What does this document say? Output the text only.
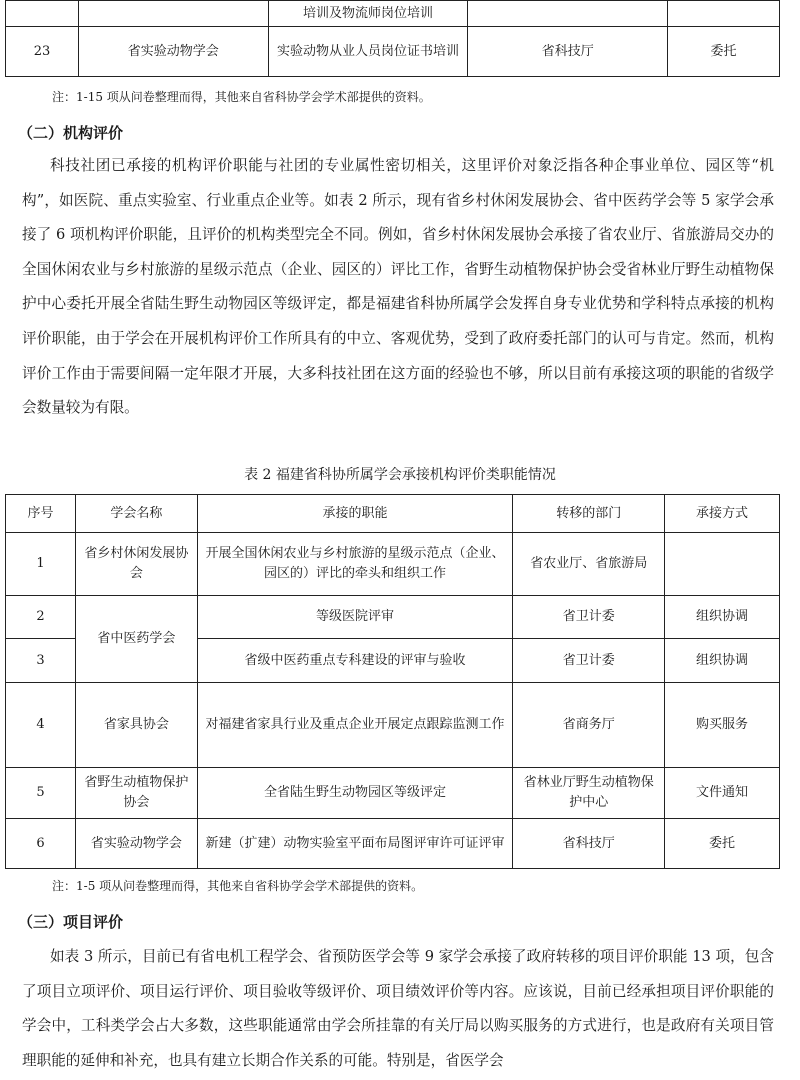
		培训及物流师岗位培训		
23	省实验动物学会	实验动物从业人员岗位证书培训	省科技厅	委托
注：1-15 项从问卷整理而得，其他来自省科协学会学术部提供的资料。
（二）机构评价

科技社团已承接的机构评价职能与社团的专业属性密切相关，这里评价对象泛指各种企事业单位、园区等“机构”，如医院、重点实验室、行业重点企业等。如表 2 所示，现有省乡村休闲发展协会、省中医药学会等 5 家学会承接了 6 项机构评价职能，且评价的机构类型完全不同。例如，省乡村休闲发展协会承接了省农业厅、省旅游局交办的全国休闲农业与乡村旅游的星级示范点（企业、园区的）评比工作，省野生动植物保护协会受省林业厅野生动植物保护中心委托开展全省陆生野生动物园区等级评定，都是福建省科协所属学会发挥自身专业优势和学科特点承接的机构评价职能，由于学会在开展机构评价工作所具有的中立、客观优势，受到了政府委托部门的认可与肯定。然而，机构评价工作由于需要间隔一定年限才开展，大多科技社团在这方面的经验也不够，所以目前有承接这项的职能的省级学会数量较为有限。

表 2 福建省科协所属学会承接机构评价类职能情况
序号	学会名称	承接的职能	转移的部门	承接方式
1	省乡村休闲发展协会	开展全国休闲农业与乡村旅游的星级示范点（企业、园区的）评比的牵头和组织工作	省农业厅、省旅游局	
2	省中医药学会	等级医院评审	省卫计委	组织协调
3		省级中医药重点专科建设的评审与验收	省卫计委	组织协调
4	省家具协会	对福建省家具行业及重点企业开展定点跟踪监测工作	省商务厅	购买服务
5	省野生动植物保护协会	全省陆生野生动物园区等级评定	省林业厅野生动植物保护中心	文件通知
6	省实验动物学会	新建（扩建）动物实验室平面布局图评审许可证评审	省科技厅	委托
注：1-5 项从问卷整理而得，其他来自省科协学会学术部提供的资料。
（三）项目评价

如表 3 所示，目前已有省电机工程学会、省预防医学会等 9 家学会承接了政府转移的项目评价职能 13 项，包含了项目立项评价、项目运行评价、项目验收等级评价、项目绩效评价等内容。应该说，目前已经承担项目评价职能的学会中，工科类学会占大多数，这些职能通常由学会所挂靠的有关厅局以购买服务的方式进行，也是政府有关项目管理职能的延伸和补充，也具有建立长期合作关系的可能。特别是，省医学会
